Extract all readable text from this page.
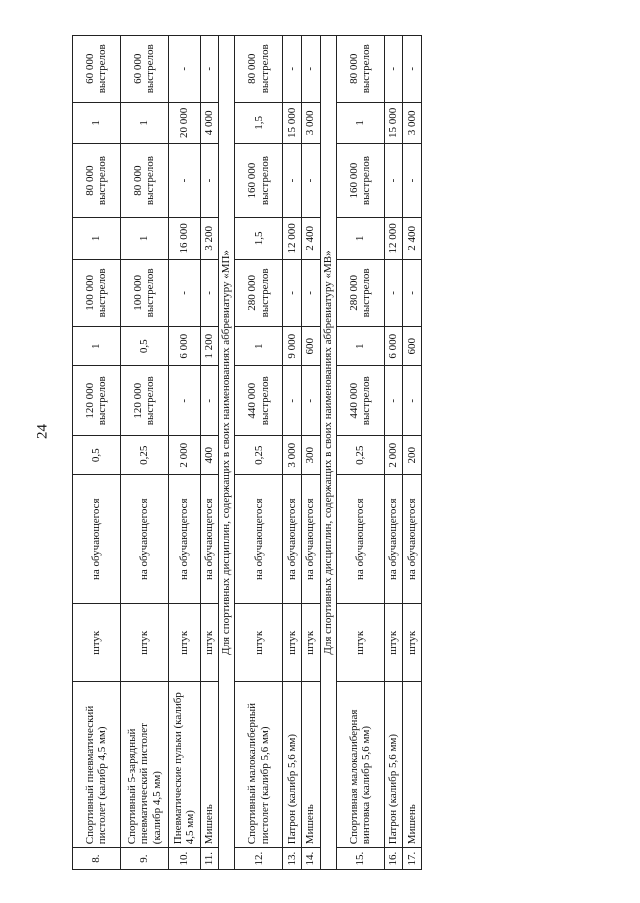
24
8.	Спортивный пневматический пистолет (калибр 4,5 мм)	штук	на обучающегося	0,5	120 000 выстрелов	1	100 000 выстрелов	1	80 000 выстрелов	1	60 000 выстрелов
9.	Спортивный 5-зарядный пневматический пистолет (калибр 4,5 мм)	штук	на обучающегося	0,25	120 000 выстрелов	0,5	100 000 выстрелов	1	80 000 выстрелов	1	60 000 выстрелов
10.	Пневматические пульки (калибр 4,5 мм)	штук	на обучающегося	2 000	-	6 000	-	16 000	-	20 000	-
11.	Мишень	штук	на обучающегося	400	-	1 200	-	3 200	-	4 000	-
Для спортивных дисциплин, содержащих в своих наименованиях аббревиатуру «МП»											
12.	Спортивный малокалиберный пистолет (калибр 5,6 мм)	штук	на обучающегося	0,25	440 000 выстрелов	1	280 000 выстрелов	1,5	160 000 выстрелов	1,5	80 000 выстрелов
13.	Патрон (калибр 5,6 мм)	штук	на обучающегося	3 000	-	9 000	-	12 000	-	15 000	-
14.	Мишень	штук	на обучающегося	300	-	600	-	2 400	-	3 000	-
Для спортивных дисциплин, содержащих в своих наименованиях аббревиатуру «МВ»											
15.	Спортивная малокалиберная винтовка (калибр 5,6 мм)	штук	на обучающегося	0,25	440 000 выстрелов	1	280 000 выстрелов	1	160 000 выстрелов	1	80 000 выстрелов
16.	Патрон (калибр 5,6 мм)	штук	на обучающегося	2 000	-	6 000	-	12 000	-	15 000	-
17.	Мишень	штук	на обучающегося	200	-	600	-	2 400	-	3 000	-
